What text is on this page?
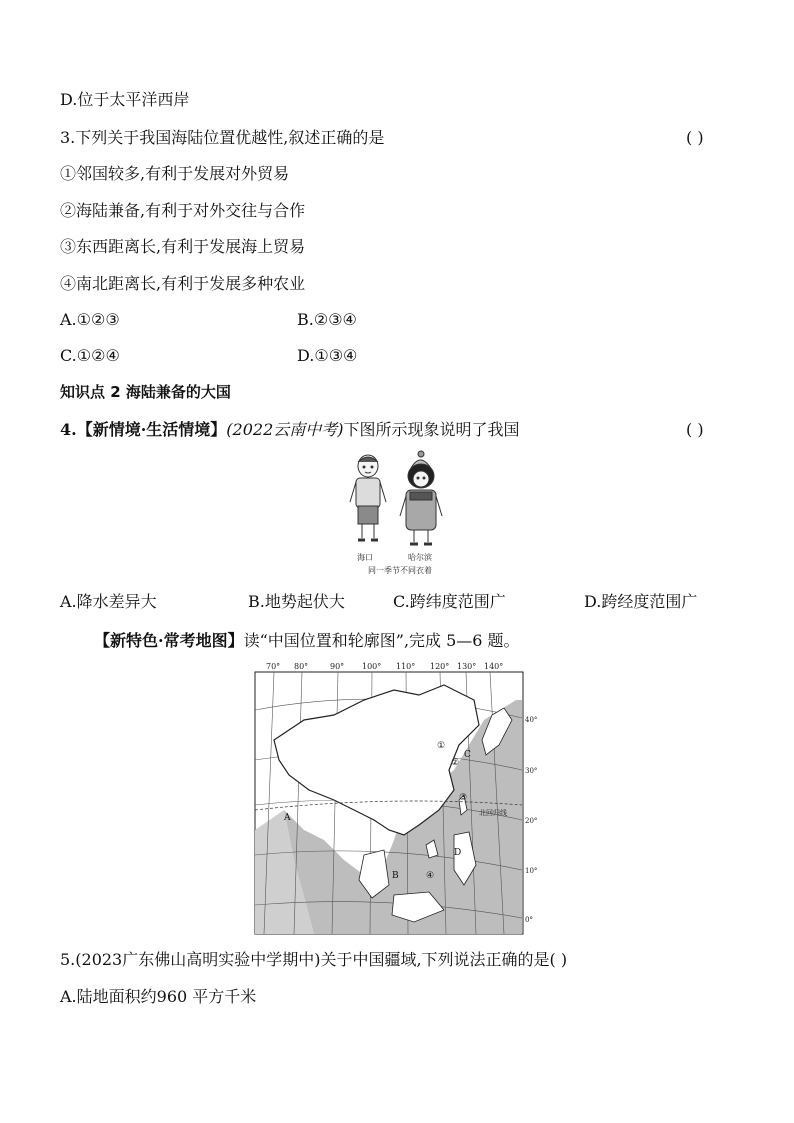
D.位于太平洋西岸
3.下列关于我国海陆位置优越性,叙述正确的是	( )
①邻国较多,有利于发展对外贸易
②海陆兼备,有利于对外交往与合作
③东西距离长,有利于发展海上贸易
④南北距离长,有利于发展多种农业
A.①②③	B.②③④
C.①②④	D.①③④
知识点 2 海陆兼备的大国
4.【新情境·生活情境】(2022云南中考)下图所示现象说明了我国	( )
海口	哈尔滨
同一季节不同衣着
A.降水差异大	B.地势起伏大	C.跨纬度范围广	D.跨经度范围广
【新特色·常考地图】读“中国位置和轮廓图”,完成 5—6 题。
70° 80°	90° 100° 110° 120° 130° 140°
40°
30°
20°
10°
0°
A
B
C
D
①
②
③
④
北回归线
5.(2023广东佛山高明实验中学期中)关于中国疆域,下列说法正确的是( )
A.陆地面积约960 平方千米
